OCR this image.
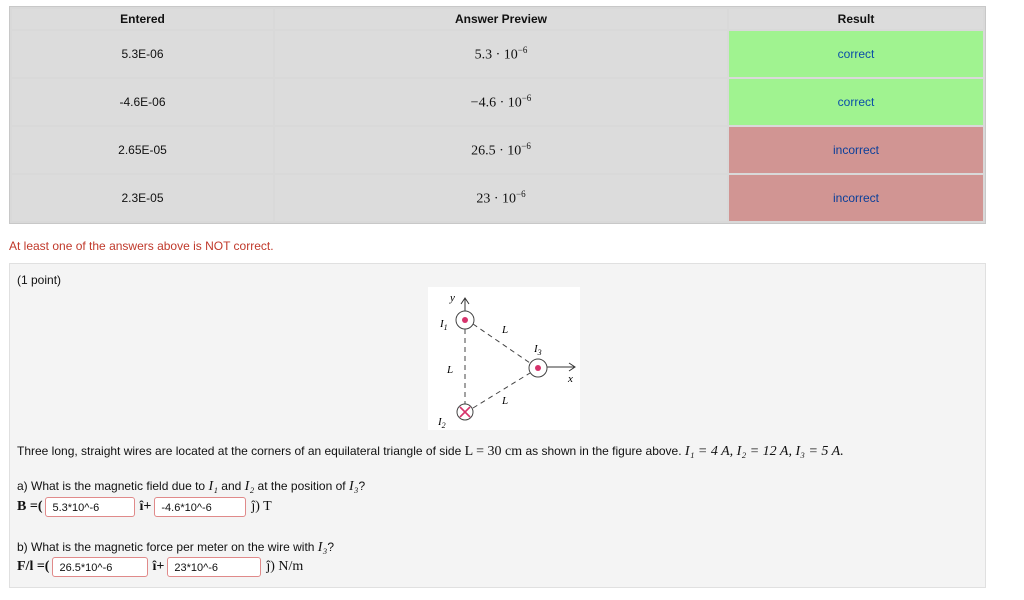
Entered	Answer Preview	Result
5.3E-06	$5.3 \cdot 10^{-6}$	correct
-4.6E-06	$-4.6 \cdot 10^{-6}$	correct
2.65E-05	$26.5 \cdot 10^{-6}$	incorrect
2.3E-05	$23 \cdot 10^{-6}$	incorrect
At least one of the answers above is NOT correct.
(1 point)
y
x
$I_1$
$I_2$
$I_3$
L
L
L
Three long, straight wires are located at the corners of an equilateral triangle of side L = 30 cm as shown in the figure above. I₁ = 4 A, I₂ = 12 A, I₃ = 5 A.
a) What is the magnetic field due to I₁ and I₂ at the position of I₃?
B =( 5.3*10^-6	î+ -4.6*10^-6	ĵ) T
b) What is the magnetic force per meter on the wire with I₃?
F/l =( 26.5*10^-6	î+ 23*10^-6	ĵ) N/m
